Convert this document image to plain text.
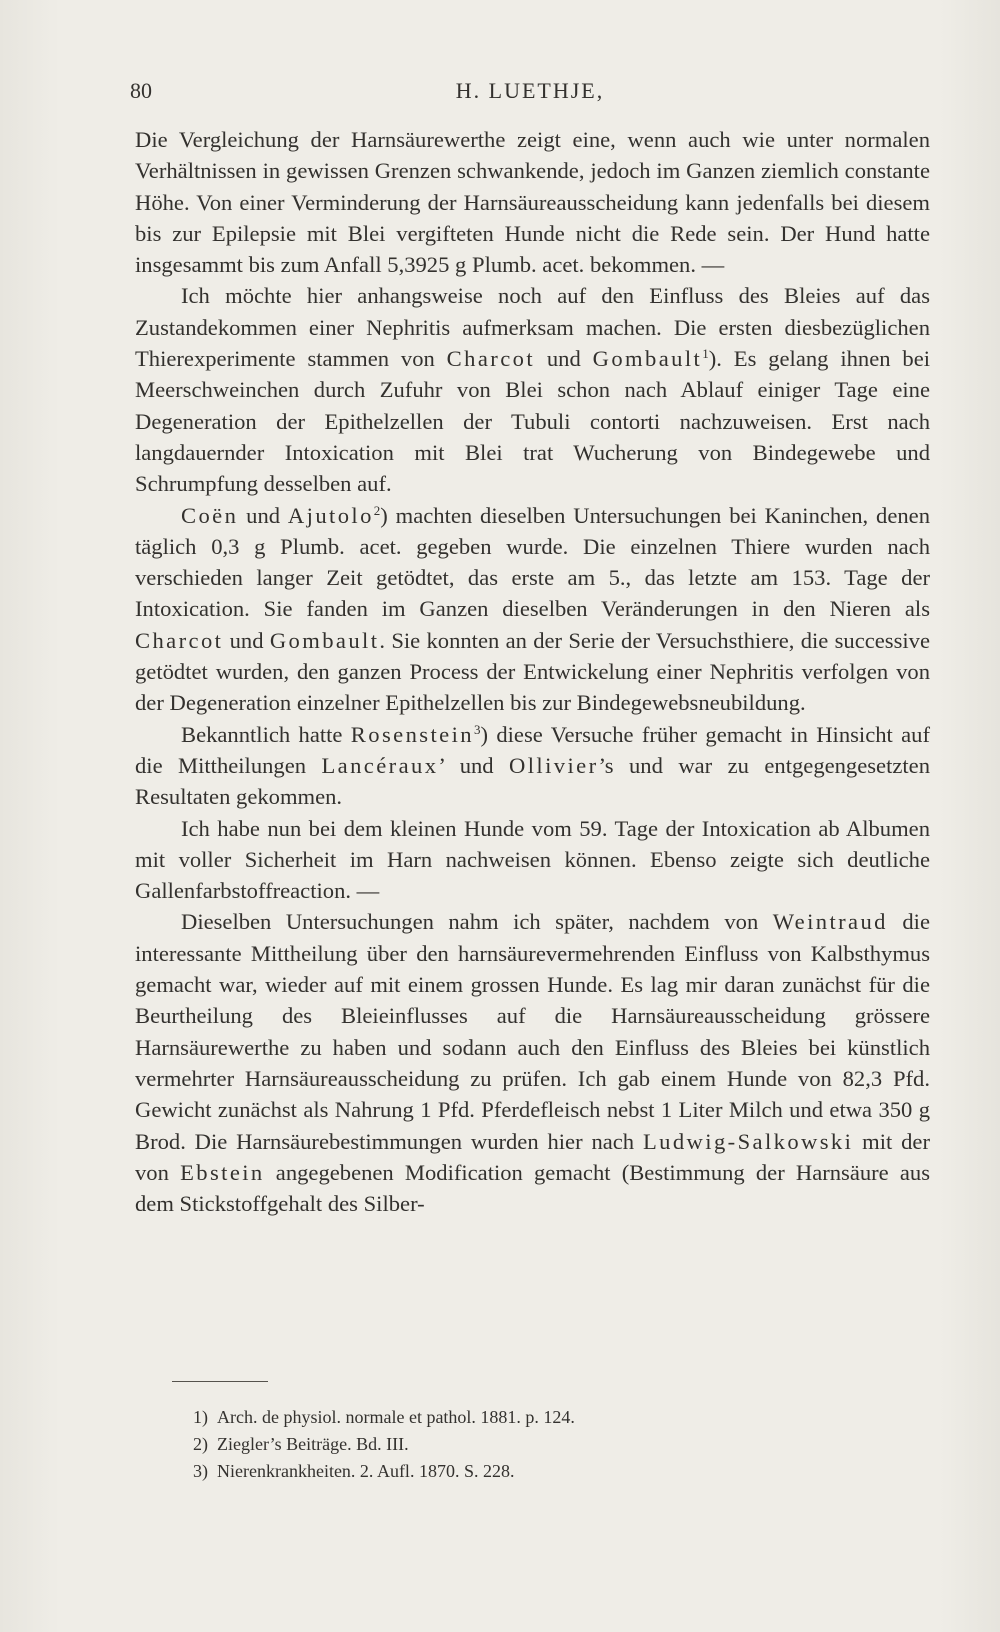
80	H. LUETHJE,

Die Vergleichung der Harnsäurewerthe zeigt eine, wenn auch wie unter normalen Verhältnissen in gewissen Grenzen schwankende, jedoch im Ganzen ziemlich constante Höhe. Von einer Verminderung der Harnsäureausscheidung kann jedenfalls bei diesem bis zur Epilepsie mit Blei vergifteten Hunde nicht die Rede sein. Der Hund hatte insgesammt bis zum Anfall 5,3925 g Plumb. acet. bekommen. —

Ich möchte hier anhangsweise noch auf den Einfluss des Bleies auf das Zustandekommen einer Nephritis aufmerksam machen. Die ersten diesbezüglichen Thierexperimente stammen von Charcot und Gombault$^1$). Es gelang ihnen bei Meerschweinchen durch Zufuhr von Blei schon nach Ablauf einiger Tage eine Degeneration der Epithelzellen der Tubuli contorti nachzuweisen. Erst nach langdauernder Intoxication mit Blei trat Wucherung von Bindegewebe und Schrumpfung desselben auf.

Coën und Ajutolo$^2$) machten dieselben Untersuchungen bei Kaninchen, denen täglich 0,3 g Plumb. acet. gegeben wurde. Die einzelnen Thiere wurden nach verschieden langer Zeit getödtet, das erste am 5., das letzte am 153. Tage der Intoxication. Sie fanden im Ganzen dieselben Veränderungen in den Nieren als Charcot und Gombault. Sie konnten an der Serie der Versuchsthiere, die successive getödtet wurden, den ganzen Process der Entwickelung einer Nephritis verfolgen von der Degeneration einzelner Epithelzellen bis zur Bindegewebsneubildung.

Bekanntlich hatte Rosenstein$^3$) diese Versuche früher gemacht in Hinsicht auf die Mittheilungen Lancéraux’ und Ollivier’s und war zu entgegengesetzten Resultaten gekommen.

Ich habe nun bei dem kleinen Hunde vom 59. Tage der Intoxication ab Albumen mit voller Sicherheit im Harn nachweisen können. Ebenso zeigte sich deutliche Gallenfarbstoffreaction. —

Dieselben Untersuchungen nahm ich später, nachdem von Weintraud die interessante Mittheilung über den harnsäurevermehrenden Einfluss von Kalbsthymus gemacht war, wieder auf mit einem grossen Hunde. Es lag mir daran zunächst für die Beurtheilung des Bleieinflusses auf die Harnsäureausscheidung grössere Harnsäurewerthe zu haben und sodann auch den Einfluss des Bleies bei künstlich vermehrter Harnsäureausscheidung zu prüfen. Ich gab einem Hunde von 82,3 Pfd. Gewicht zunächst als Nahrung 1 Pfd. Pferdefleisch nebst 1 Liter Milch und etwa 350 g Brod. Die Harnsäurebestimmungen wurden hier nach Ludwig-Salkowski mit der von Ebstein angegebenen Modification gemacht (Bestimmung der Harnsäure aus dem Stickstoffgehalt des Silber-

1) Arch. de physiol. normale et pathol. 1881. p. 124.
2) Ziegler’s Beiträge. Bd. III.
3) Nierenkrankheiten. 2. Aufl. 1870. S. 228.
